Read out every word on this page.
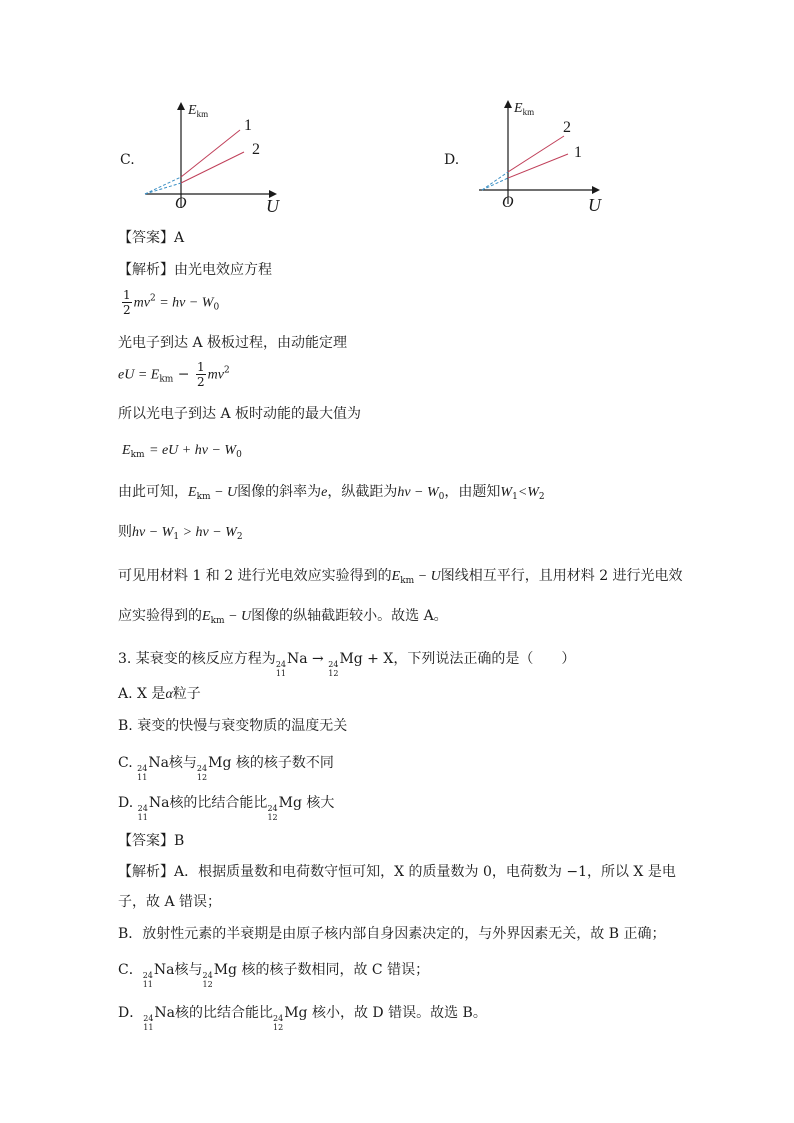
C.
$E_{km}$
1
2
O	U
D.
$E_{km}$
2
1
O	U
【答案】A
【解析】由光电效应方程
$\frac{1}{2} mv^2 = h\nu - W_0$
光电子到达 A 极板过程，由动能定理
eU = $E_{km} - \frac{1}{2} mv^2$
所以光电子到达 A 板时动能的最大值为
$E_{km}$ = eU + $h\nu - W_0$
由此可知，$E_{km} - U$图像的斜率为e，纵截距为$h\nu - W_0$，由题知$W_1<W_2$
则$h\nu - W_1 > h\nu - W_2$
可见用材料 1 和 2 进行光电效应实验得到的$E_{km} - U$图线相互平行，且用材料 2 进行光电效
应实验得到的$E_{km} - U$图像的纵轴截距较小。故选 A。
3. 某衰变的核反应方程为 24
11
Na → 24
12
Mg + X，下列说法正确的是（　　）
A. X 是α粒子
B. 衰变的快慢与衰变物质的温度无关
C. 24
11
Na核与 24
12
Mg 核的核子数不同
D. 24
11
Na核的比结合能比 24
12
Mg 核大
【答案】B
【解析】A．根据质量数和电荷数守恒可知，X 的质量数为 0，电荷数为 −1，所以 X 是电
子，故 A 错误；
B．放射性元素的半衰期是由原子核内部自身因素决定的，与外界因素无关，故 B 正确；
C． 24
11
Na核与 24
12
Mg 核的核子数相同，故 C 错误；
D． 24
11
Na核的比结合能比 24
12
Mg 核小，故 D 错误。故选 B。
